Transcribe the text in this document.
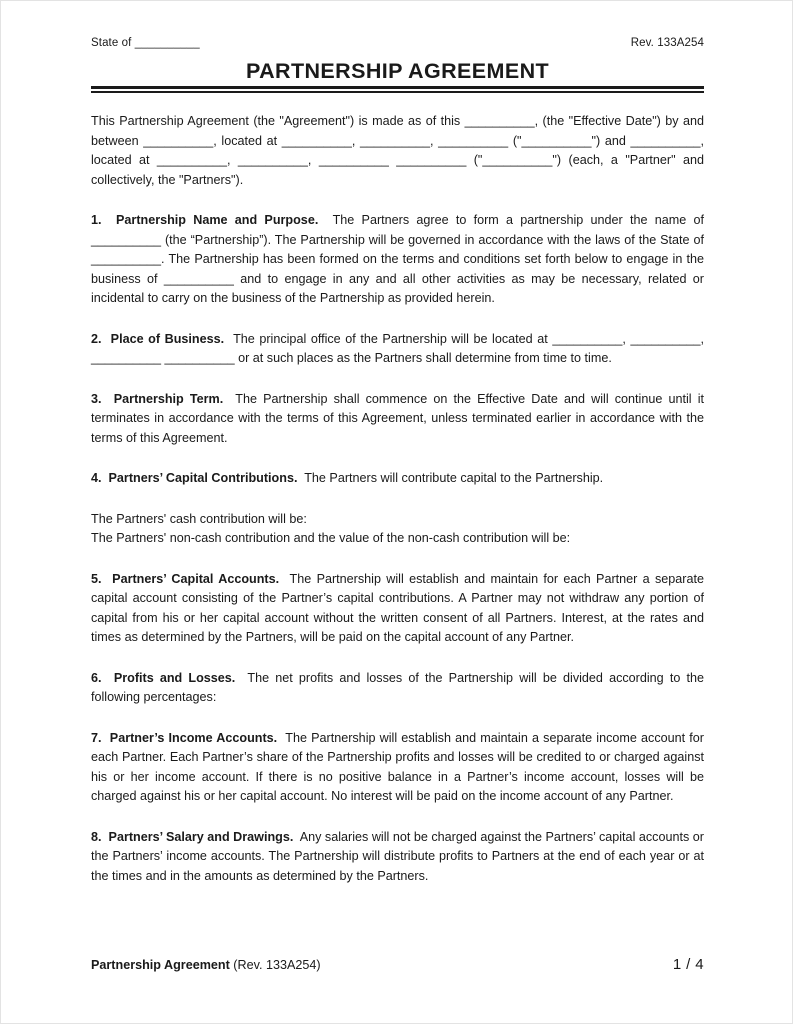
State of __________	Rev. 133A254
PARTNERSHIP AGREEMENT

This Partnership Agreement (the "Agreement") is made as of this __________, (the "Effective Date") by and between __________, located at __________, __________, __________ ("__________") and __________, located at __________, __________, __________ __________ ("__________") (each, a "Partner" and collectively, the "Partners").

1. Partnership Name and Purpose. The Partners agree to form a partnership under the name of __________ (the “Partnership”). The Partnership will be governed in accordance with the laws of the State of __________. The Partnership has been formed on the terms and conditions set forth below to engage in the business of __________ and to engage in any and all other activities as may be necessary, related or incidental to carry on the business of the Partnership as provided herein.

2. Place of Business. The principal office of the Partnership will be located at __________, __________, __________ __________ or at such places as the Partners shall determine from time to time.

3. Partnership Term. The Partnership shall commence on the Effective Date and will continue until it terminates in accordance with the terms of this Agreement, unless terminated earlier in accordance with the terms of this Agreement.

4. Partners’ Capital Contributions. The Partners will contribute capital to the Partnership.

The Partners' cash contribution will be:

The Partners' non-cash contribution and the value of the non-cash contribution will be:

5. Partners’ Capital Accounts. The Partnership will establish and maintain for each Partner a separate capital account consisting of the Partner’s capital contributions. A Partner may not withdraw any portion of capital from his or her capital account without the written consent of all Partners. Interest, at the rates and times as determined by the Partners, will be paid on the capital account of any Partner.

6. Profits and Losses. The net profits and losses of the Partnership will be divided according to the following percentages:

7. Partner’s Income Accounts. The Partnership will establish and maintain a separate income account for each Partner. Each Partner’s share of the Partnership profits and losses will be credited to or charged against his or her income account. If there is no positive balance in a Partner’s income account, losses will be charged against his or her capital account. No interest will be paid on the income account of any Partner.

8. Partners’ Salary and Drawings. Any salaries will not be charged against the Partners’ capital accounts or the Partners’ income accounts. The Partnership will distribute profits to Partners at the end of each year or at the times and in the amounts as determined by the Partners.

Partnership Agreement (Rev. 133A254)	1 / 4
